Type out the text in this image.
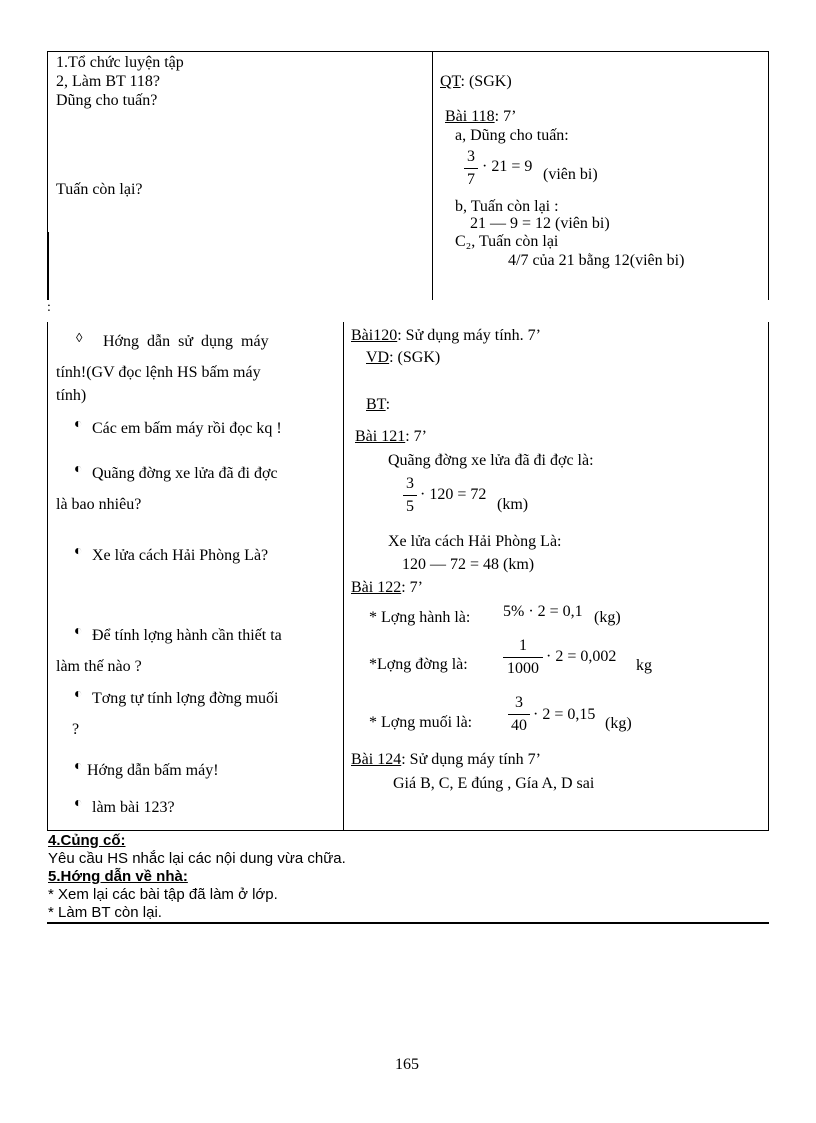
1.Tổ chức luyện tập
2, Làm BT 118?
Dũng cho tuấn?
Tuấn còn lại?
QT: (SGK)
Bài 118: 7’
a, Dũng cho tuấn:
3
7
· 21 = 9 (viên bi)
b, Tuấn còn lại :
21 — 9 = 12 (viên bi)
C₂, Tuấn còn lại
4/7 của 21 bằng 12(viên bi)
:
◊ Hớng dẫn sử dụng máy
tính!(GV đọc lệnh HS bấm máy
tính)
◐ Các em bấm máy rồi đọc kq !
◐ Quãng đờng xe lửa đã đi đợc
là bao nhiêu?
◐ Xe lửa cách Hải Phòng Là?
◐ Để tính lợng hành cần thiết ta
làm thế nào ?
◐ Tơng tự tính lợng đờng muối
?
◐ Hớng dẫn bấm máy!
◐ làm bài 123?
Bài120: Sử dụng máy tính. 7’
VD: (SGK)
BT:
Bài 121: 7’
Quãng đờng xe lửa đã đi đợc là:
3
5
· 120 = 72
(km)
Xe lửa cách Hải Phòng Là:
120 — 72 = 48 (km)
Bài 122: 7’
* Lợng hành là: 5% · 2 = 0,1 (kg)
*Lợng đờng là:
1
1000
· 2 = 0,002
kg
* Lợng muối là:
3
40
· 2 = 0,15
(kg)
Bài 124: Sử dụng máy tính 7’
Giá B, C, E đúng , Gía A, D sai
4.Củng cố:
Yêu cầu HS nhắc lại các nội dung vừa chữa.
5.Hớng dẫn về nhà:
* Xem lại các bài tập đã làm ở lớp.
* Làm BT còn lại.
165
